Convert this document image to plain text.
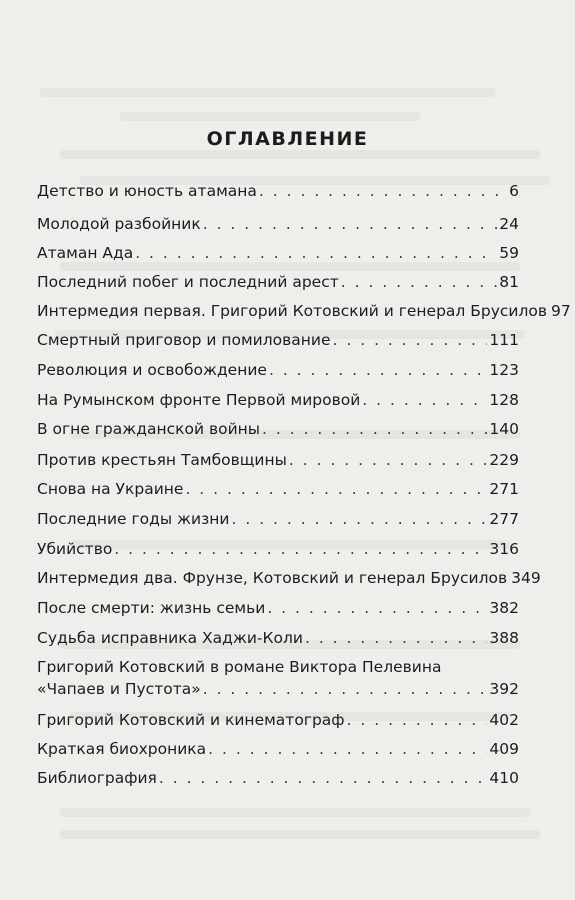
ОГЛАВЛЕНИЕ
Детство и юность атамана . . .	6
Молодой разбойник . . .	24
Атаман Ада . . .	59
Последний побег и последний арест . . .	81
Интермедия первая. Григорий Котовский и генерал Брусилов 97
Смертный приговор и помилование . . .	111
Революция и освобождение . . .	123
На Румынском фронте Первой мировой . . .	128
В огне гражданской войны . . .	140
Против крестьян Тамбовщины . . .	229
Снова на Украине . . .	271
Последние годы жизни . . .	277
Убийство . . .	316
Интермедия два. Фрунзе, Котовский и генерал Брусилов 349
После смерти: жизнь семьи . . .	382
Судьба исправника Хаджи-Коли . . .	388
Григорий Котовский в романе Виктора Пелевина
«Чапаев и Пустота» . . .	392
Григорий Котовский и кинематограф . . .	402
Краткая биохроника . . .	409
Библиография . . .	410
